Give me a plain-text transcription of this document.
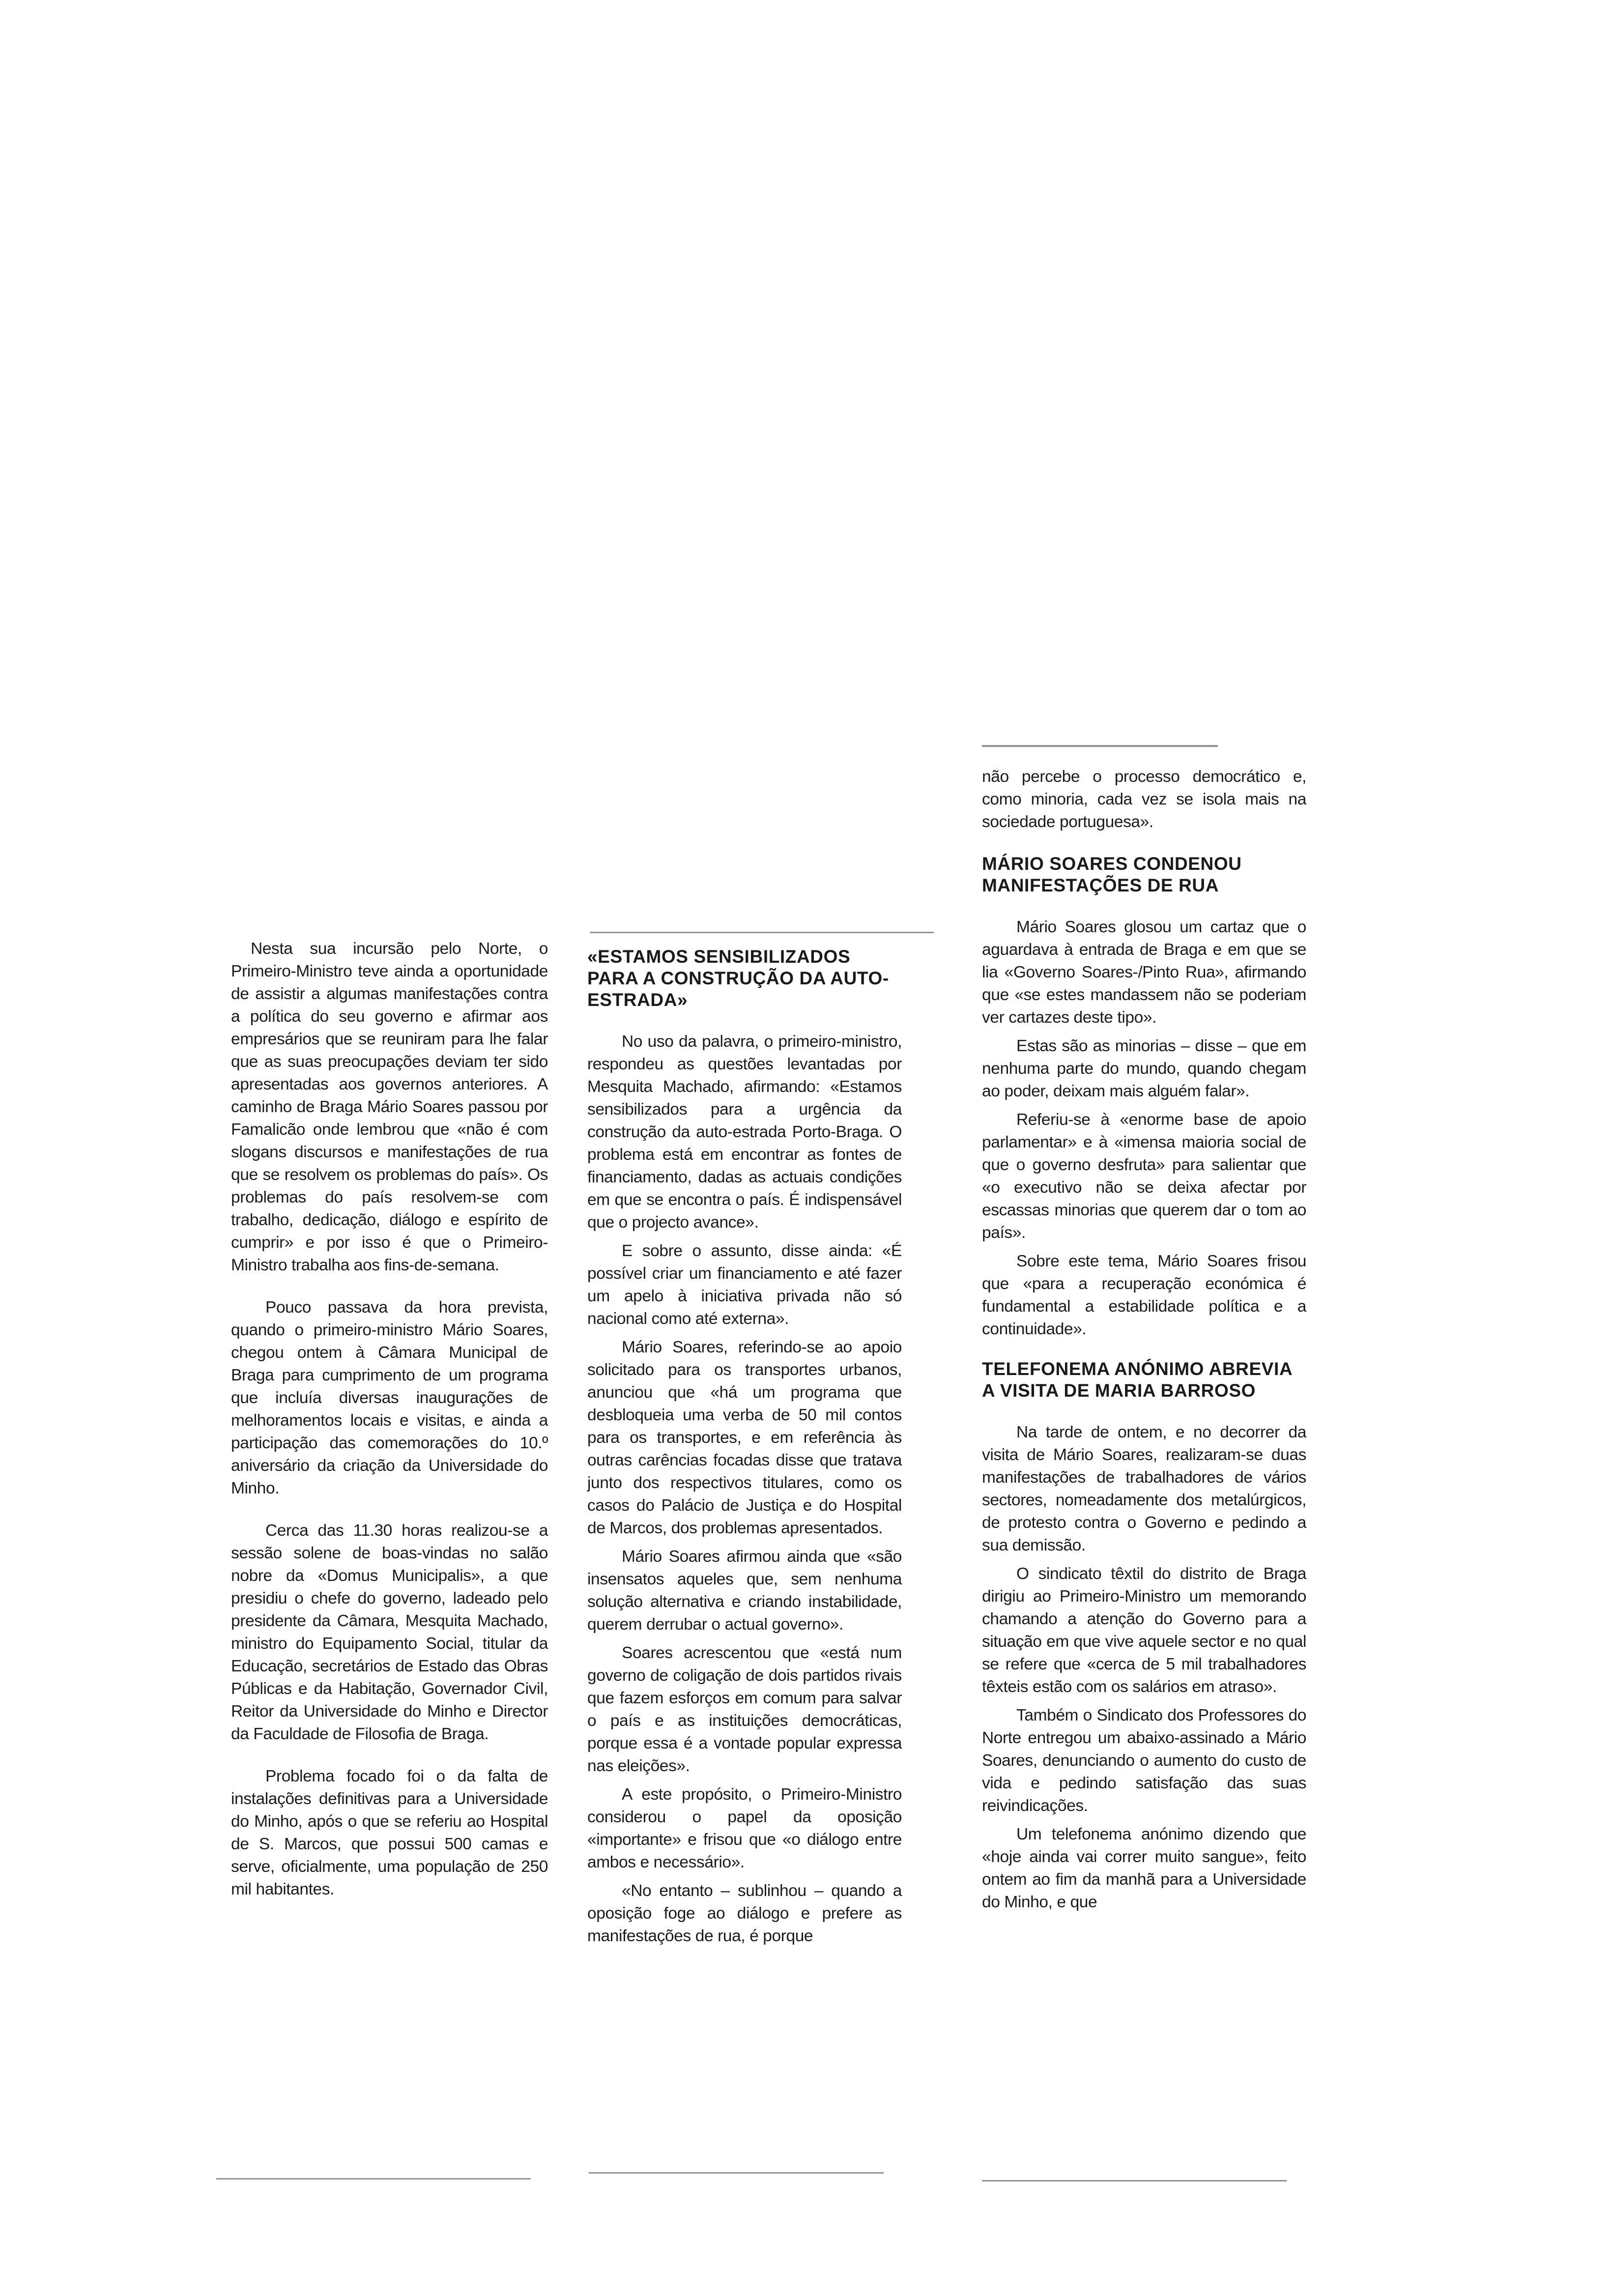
Nesta sua incursão pelo Norte, o Primeiro-Ministro teve ainda a oportunidade de assistir a algumas manifestações contra a política do seu governo e afirmar aos empresários que se reuniram para lhe falar que as suas preocupações deviam ter sido apresentadas aos governos anteriores. A caminho de Braga Mário Soares passou por Famalicão onde lembrou que «não é com slogans discursos e manifestações de rua que se resolvem os problemas do país». Os problemas do país resolvem-se com trabalho, dedicação, diálogo e espírito de cumprir» e por isso é que o Primeiro-Ministro trabalha aos fins-de-semana.

Pouco passava da hora prevista, quando o primeiro-ministro Mário Soares, chegou ontem à Câmara Municipal de Braga para cumprimento de um programa que incluía diversas inaugurações de melhoramentos locais e visitas, e ainda a participação das comemorações do 10.º aniversário da criação da Universidade do Minho.

Cerca das 11.30 horas realizou-se a sessão solene de boas-vindas no salão nobre da «Domus Municipalis», a que presidiu o chefe do governo, ladeado pelo presidente da Câmara, Mesquita Machado, ministro do Equipamento Social, titular da Educação, secretários de Estado das Obras Públicas e da Habitação, Governador Civil, Reitor da Universidade do Minho e Director da Faculdade de Filosofia de Braga.

Problema focado foi o da falta de instalações definitivas para a Universidade do Minho, após o que se referiu ao Hospital de S. Marcos, que possui 500 camas e serve, oficialmente, uma população de 250 mil habitantes.

«ESTAMOS SENSIBILIZADOS PARA A CONSTRUÇÃO DA AUTO-ESTRADA»

No uso da palavra, o primeiro-ministro, respondeu as questões levantadas por Mesquita Machado, afirmando: «Estamos sensibilizados para a urgência da construção da auto-estrada Porto-Braga. O problema está em encontrar as fontes de financiamento, dadas as actuais condições em que se encontra o país. É indispensável que o projecto avance».

E sobre o assunto, disse ainda: «É possível criar um financiamento e até fazer um apelo à iniciativa privada não só nacional como até externa».

Mário Soares, referindo-se ao apoio solicitado para os transportes urbanos, anunciou que «há um programa que desbloqueia uma verba de 50 mil contos para os transportes, e em referência às outras carências focadas disse que tratava junto dos respectivos titulares, como os casos do Palácio de Justiça e do Hospital de Marcos, dos problemas apresentados.

Mário Soares afirmou ainda que «são insensatos aqueles que, sem nenhuma solução alternativa e criando instabilidade, querem derrubar o actual governo».

Soares acrescentou que «está num governo de coligação de dois partidos rivais que fazem esforços em comum para salvar o país e as instituições democráticas, porque essa é a vontade popular expressa nas eleições».

A este propósito, o Primeiro-Ministro considerou o papel da oposição «importante» e frisou que «o diálogo entre ambos e necessário».

«No entanto – sublinhou – quando a oposição foge ao diálogo e prefere as manifestações de rua, é porque

não percebe o processo democrático e, como minoria, cada vez se isola mais na sociedade portuguesa».

MÁRIO SOARES CONDENOU MANIFESTAÇÕES DE RUA

Mário Soares glosou um cartaz que o aguardava à entrada de Braga e em que se lia «Governo Soares-/Pinto Rua», afirmando que «se estes mandassem não se poderiam ver cartazes deste tipo».

Estas são as minorias – disse – que em nenhuma parte do mundo, quando chegam ao poder, deixam mais alguém falar».

Referiu-se à «enorme base de apoio parlamentar» e à «imensa maioria social de que o governo desfruta» para salientar que «o executivo não se deixa afectar por escassas minorias que querem dar o tom ao país».

Sobre este tema, Mário Soares frisou que «para a recuperação económica é fundamental a estabilidade política e a continuidade».

TELEFONEMA ANÓNIMO ABREVIA A VISITA DE MARIA BARROSO

Na tarde de ontem, e no decorrer da visita de Mário Soares, realizaram-se duas manifestações de trabalhadores de vários sectores, nomeadamente dos metalúrgicos, de protesto contra o Governo e pedindo a sua demissão.

O sindicato têxtil do distrito de Braga dirigiu ao Primeiro-Ministro um memorando chamando a atenção do Governo para a situação em que vive aquele sector e no qual se refere que «cerca de 5 mil trabalhadores têxteis estão com os salários em atraso».

Também o Sindicato dos Professores do Norte entregou um abaixo-assinado a Mário Soares, denunciando o aumento do custo de vida e pedindo satisfação das suas reivindicações.

Um telefonema anónimo dizendo que «hoje ainda vai correr muito sangue», feito ontem ao fim da manhã para a Universidade do Minho, e que
